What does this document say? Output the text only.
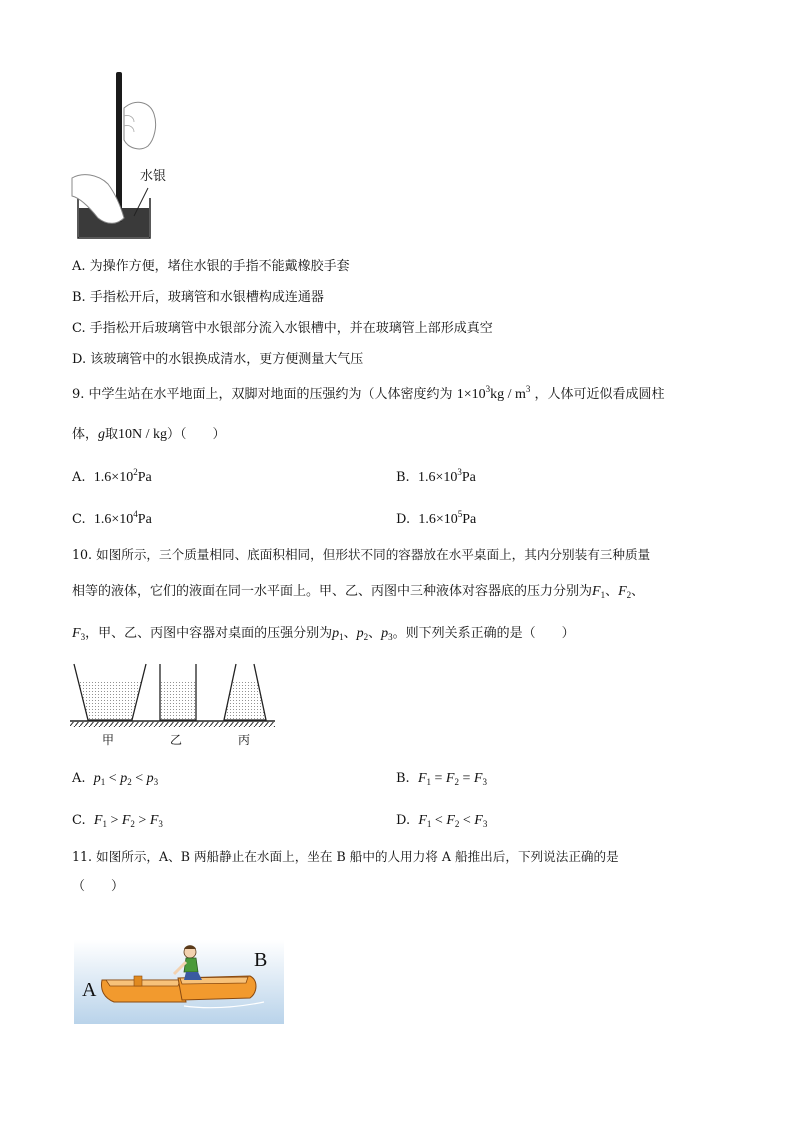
水银
A. 为操作方便，堵住水银的手指不能戴橡胶手套
B. 手指松开后，玻璃管和水银槽构成连通器
C. 手指松开后玻璃管中水银部分流入水银槽中，并在玻璃管上部形成真空
D. 该玻璃管中的水银换成清水，更方便测量大气压
9. 中学生站在水平地面上，双脚对地面的压强约为（人体密度约为 $1\times 10^3kg / m^3$ ，人体可近似看成圆柱
体，g取10N / kg）（　　）
A. $1.6\times 10^2Pa$	B. $1.6\times 10^3Pa$
C. $1.6\times 10^4Pa$	D. $1.6\times 10^5Pa$
10. 如图所示，三个质量相同、底面积相同，但形状不同的容器放在水平桌面上，其内分别装有三种质量
相等的液体，它们的液面在同一水平面上。甲、乙、丙图中三种液体对容器底的压力分别为$F_1$、$F_2$、
$F_3$，甲、乙、丙图中容器对桌面的压强分别为$p_1$、$p_2$、$p_3$。则下列关系正确的是（　　）
甲	乙	丙
A. $p_1 < p_2 < p_3$	B. $F_1 = F_2 = F_3$
C. $F_1 > F_2 > F_3$	D. $F_1 < F_2 < F_3$
11. 如图所示，A、B 两船静止在水面上，坐在 B 船中的人用力将 A 船推出后，下列说法正确的是
（　　）
A
B
